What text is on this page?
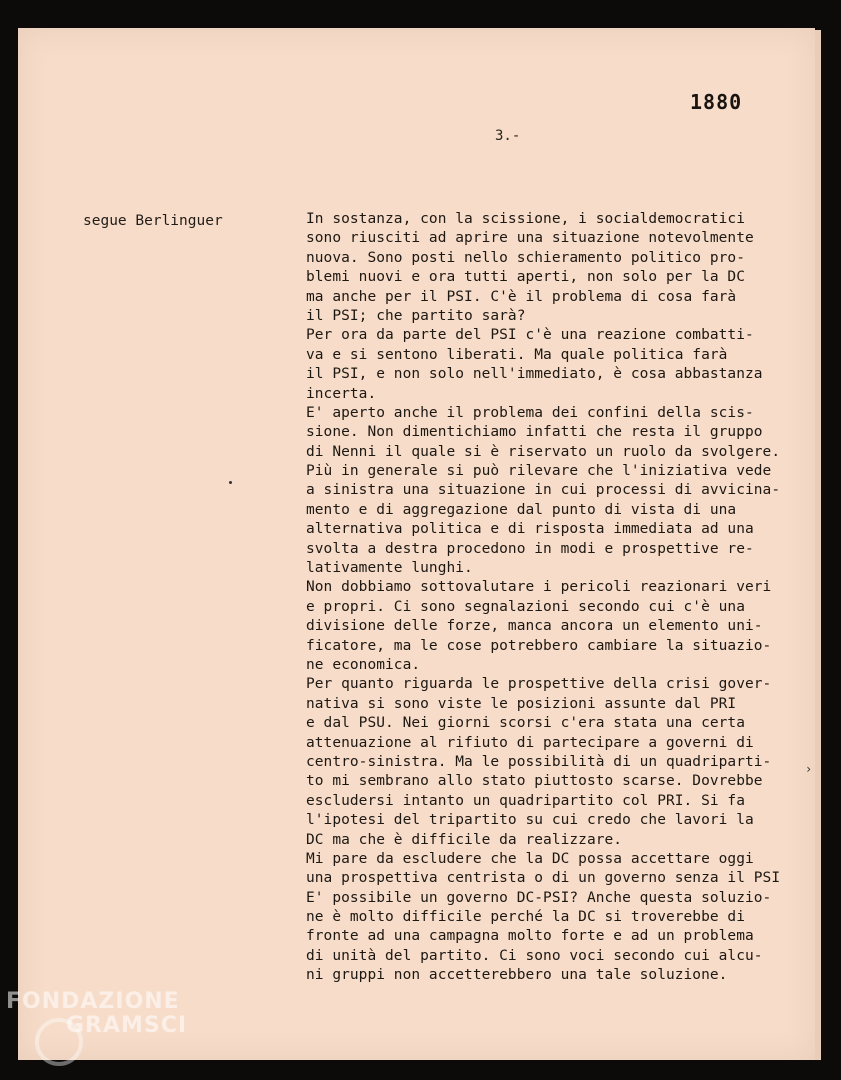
1880
3.-
segue Berlinguer	In sostanza, con la scissione, i socialdemocratici
sono riusciti ad aprire una situazione notevolmente
nuova. Sono posti nello schieramento politico pro-
blemi nuovi e ora tutti aperti, non solo per la DC
ma anche per il PSI. C'è il problema di cosa farà
il PSI; che partito sarà?
Per ora da parte del PSI c'è una reazione combatti-
va e si sentono liberati. Ma quale politica farà
il PSI, e non solo nell'immediato, è cosa abbastanza
incerta.
E' aperto anche il problema dei confini della scis-
sione. Non dimentichiamo infatti che resta il gruppo
di Nenni il quale si è riservato un ruolo da svolgere.
Più in generale si può rilevare che l'iniziativa vede
a sinistra una situazione in cui processi di avvicina-
mento e di aggregazione dal punto di vista di una
alternativa politica e di risposta immediata ad una
svolta a destra procedono in modi e prospettive re-
lativamente lunghi.
Non dobbiamo sottovalutare i pericoli reazionari veri
e propri. Ci sono segnalazioni secondo cui c'è una
divisione delle forze, manca ancora un elemento uni-
ficatore, ma le cose potrebbero cambiare la situazio-
ne economica.
Per quanto riguarda le prospettive della crisi gover-
nativa si sono viste le posizioni assunte dal PRI
e dal PSU. Nei giorni scorsi c'era stata una certa
attenuazione al rifiuto di partecipare a governi di
centro-sinistra. Ma le possibilità di un quadriparti-
to mi sembrano allo stato piuttosto scarse. Dovrebbe
escludersi intanto un quadripartito col PRI. Si fa
l'ipotesi del tripartito su cui credo che lavori la
DC ma che è difficile da realizzare.
Mi pare da escludere che la DC possa accettare oggi
una prospettiva centrista o di un governo senza il PSI
E' possibile un governo DC-PSI? Anche questa soluzio-
ne è molto difficile perché la DC si troverebbe di
fronte ad una campagna molto forte e ad un problema
di unità del partito. Ci sono voci secondo cui alcu-
ni gruppi non accetterebbero una tale soluzione.
›
FONDAZIONE
GRAMSCI
